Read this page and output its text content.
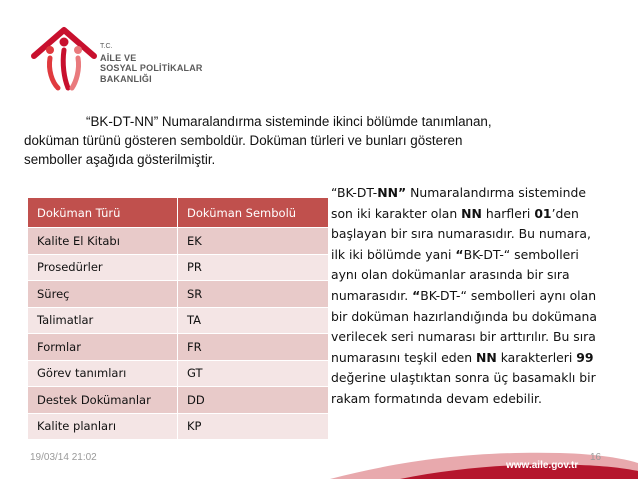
T.C.
AİLE VE
SOSYAL POLİTİKALAR
BAKANLIĞI
“BK-DT-NN” Numaralandırma sisteminde ikinci bölümde tanımlanan,
doküman türünü gösteren semboldür. Doküman türleri ve bunları gösteren
semboller aşağıda gösterilmiştir.
Doküman Türü	Doküman Sembolü
Kalite El Kitabı	EK
Prosedürler	PR
Süreç	SR
Talimatlar	TA
Formlar	FR
Görev tanımları	GT
Destek Dokümanlar	DD
Kalite planları	KP
“BK-DT-NN” Numaralandırma sisteminde son iki karakter olan NN harfleri 01’den başlayan bir sıra numarasıdır. Bu numara, ilk iki bölümde yani “BK-DT-“ sembolleri aynı olan dokümanlar arasında bir sıra numarasıdır. “BK-DT-“ sembolleri aynı olan bir doküman hazırlandığında bu dokümana verilecek seri numarası bir arttırılır. Bu sıra numarasını teşkil eden NN karakterleri 99 değerine ulaştıktan sonra üç basamaklı bir rakam formatında devam edebilir.
19/03/14 21:02
www.aile.gov.tr
16
